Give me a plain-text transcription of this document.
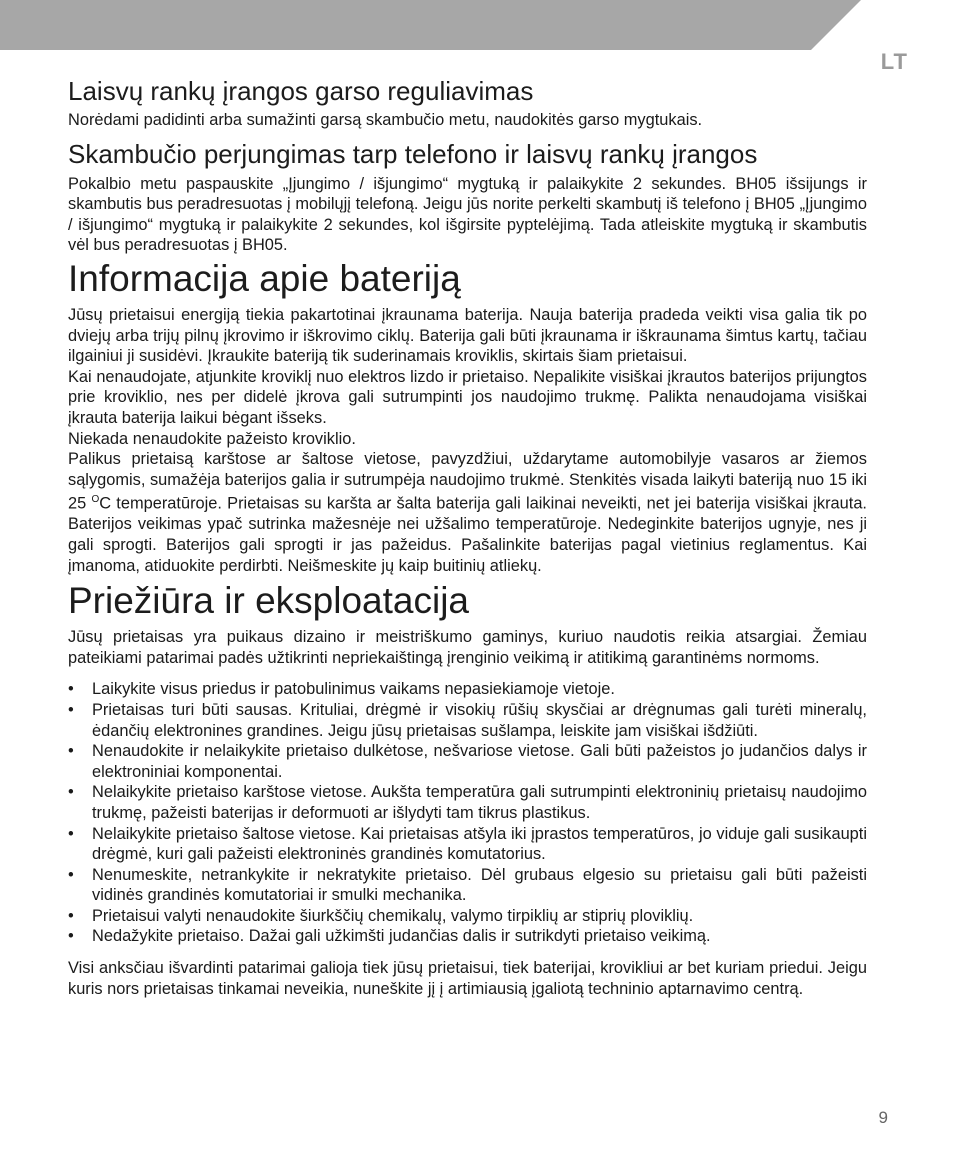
LT
Laisvų rankų įrangos garso reguliavimas

Norėdami padidinti arba sumažinti garsą skambučio metu, naudokitės garso mygtukais.

Skambučio perjungimas tarp telefono ir laisvų rankų įrangos

Pokalbio metu paspauskite „Įjungimo / išjungimo“ mygtuką ir palaikykite 2 sekundes. BH05 išsijungs ir skambutis bus peradresuotas į mobilųjį telefoną. Jeigu jūs norite perkelti skambutį iš telefono į BH05 „Įjungimo / išjungimo“ mygtuką ir palaikykite 2 sekundes, kol išgirsite pyptelėjimą. Tada atleiskite mygtuką ir skambutis vėl bus peradresuotas į BH05.

Informacija apie bateriją

Jūsų prietaisui energiją tiekia pakartotinai įkraunama baterija. Nauja baterija pradeda veikti visa galia tik po dviejų arba trijų pilnų įkrovimo ir iškrovimo ciklų. Baterija gali būti įkraunama ir iškraunama šimtus kartų, tačiau ilgainiui ji susidėvi. Įkraukite bateriją tik suderinamais kroviklis, skirtais šiam prietaisui.

Kai nenaudojate, atjunkite kroviklį nuo elektros lizdo ir prietaiso. Nepalikite visiškai įkrautos baterijos prijungtos prie kroviklio, nes per didelė įkrova gali sutrumpinti jos naudojimo trukmę. Palikta nenaudojama visiškai įkrauta baterija laikui bėgant išseks.

Niekada nenaudokite pažeisto kroviklio.

Palikus prietaisą karštose ar šaltose vietose, pavyzdžiui, uždarytame automobilyje vasaros ar žiemos sąlygomis, sumažėja baterijos galia ir sutrumpėja naudojimo trukmė. Stenkitės visada laikyti bateriją nuo 15 iki 25 $^O$C temperatūroje. Prietaisas su karšta ar šalta baterija gali laikinai neveikti, net jei baterija visiškai įkrauta. Baterijos veikimas ypač sutrinka mažesnėje nei užšalimo temperatūroje. Nedeginkite baterijos ugnyje, nes ji gali sprogti. Baterijos gali sprogti ir jas pažeidus. Pašalinkite baterijas pagal vietinius reglamentus. Kai įmanoma, atiduokite perdirbti. Neišmeskite jų kaip buitinių atliekų.

Priežiūra ir eksploatacija

Jūsų prietaisas yra puikaus dizaino ir meistriškumo gaminys, kuriuo naudotis reikia atsargiai. Žemiau pateikiami patarimai padės užtikrinti nepriekaištingą įrenginio veikimą ir atitikimą garantinėms normoms.

• Laikykite visus priedus ir patobulinimus vaikams nepasiekiamoje vietoje.
• Prietaisas turi būti sausas. Krituliai, drėgmė ir visokių rūšių skysčiai ar drėgnumas gali turėti mineralų, ėdančių elektronines grandines. Jeigu jūsų prietaisas sušlampa, leiskite jam visiškai išdžiūti.
• Nenaudokite ir nelaikykite prietaiso dulkėtose, nešvariose vietose. Gali būti pažeistos jo judančios dalys ir elektroniniai komponentai.
• Nelaikykite prietaiso karštose vietose. Aukšta temperatūra gali sutrumpinti elektroninių prietaisų naudojimo trukmę, pažeisti baterijas ir deformuoti ar išlydyti tam tikrus plastikus.
• Nelaikykite prietaiso šaltose vietose. Kai prietaisas atšyla iki įprastos temperatūros, jo viduje gali susikaupti drėgmė, kuri gali pažeisti elektroninės grandinės komutatorius.
• Nenumeskite, netrankykite ir nekratykite prietaiso. Dėl grubaus elgesio su prietaisu gali būti pažeisti vidinės grandinės komutatoriai ir smulki mechanika.
• Prietaisui valyti nenaudokite šiurkščių chemikalų, valymo tirpiklių ar stiprių ploviklių.
• Nedažykite prietaiso. Dažai gali užkimšti judančias dalis ir sutrikdyti prietaiso veikimą.

Visi anksčiau išvardinti patarimai galioja tiek jūsų prietaisui, tiek baterijai, krovikliui ar bet kuriam priedui. Jeigu kuris nors prietaisas tinkamai neveikia, nuneškite jį į artimiausią įgaliotą techninio aptarnavimo centrą.

9
